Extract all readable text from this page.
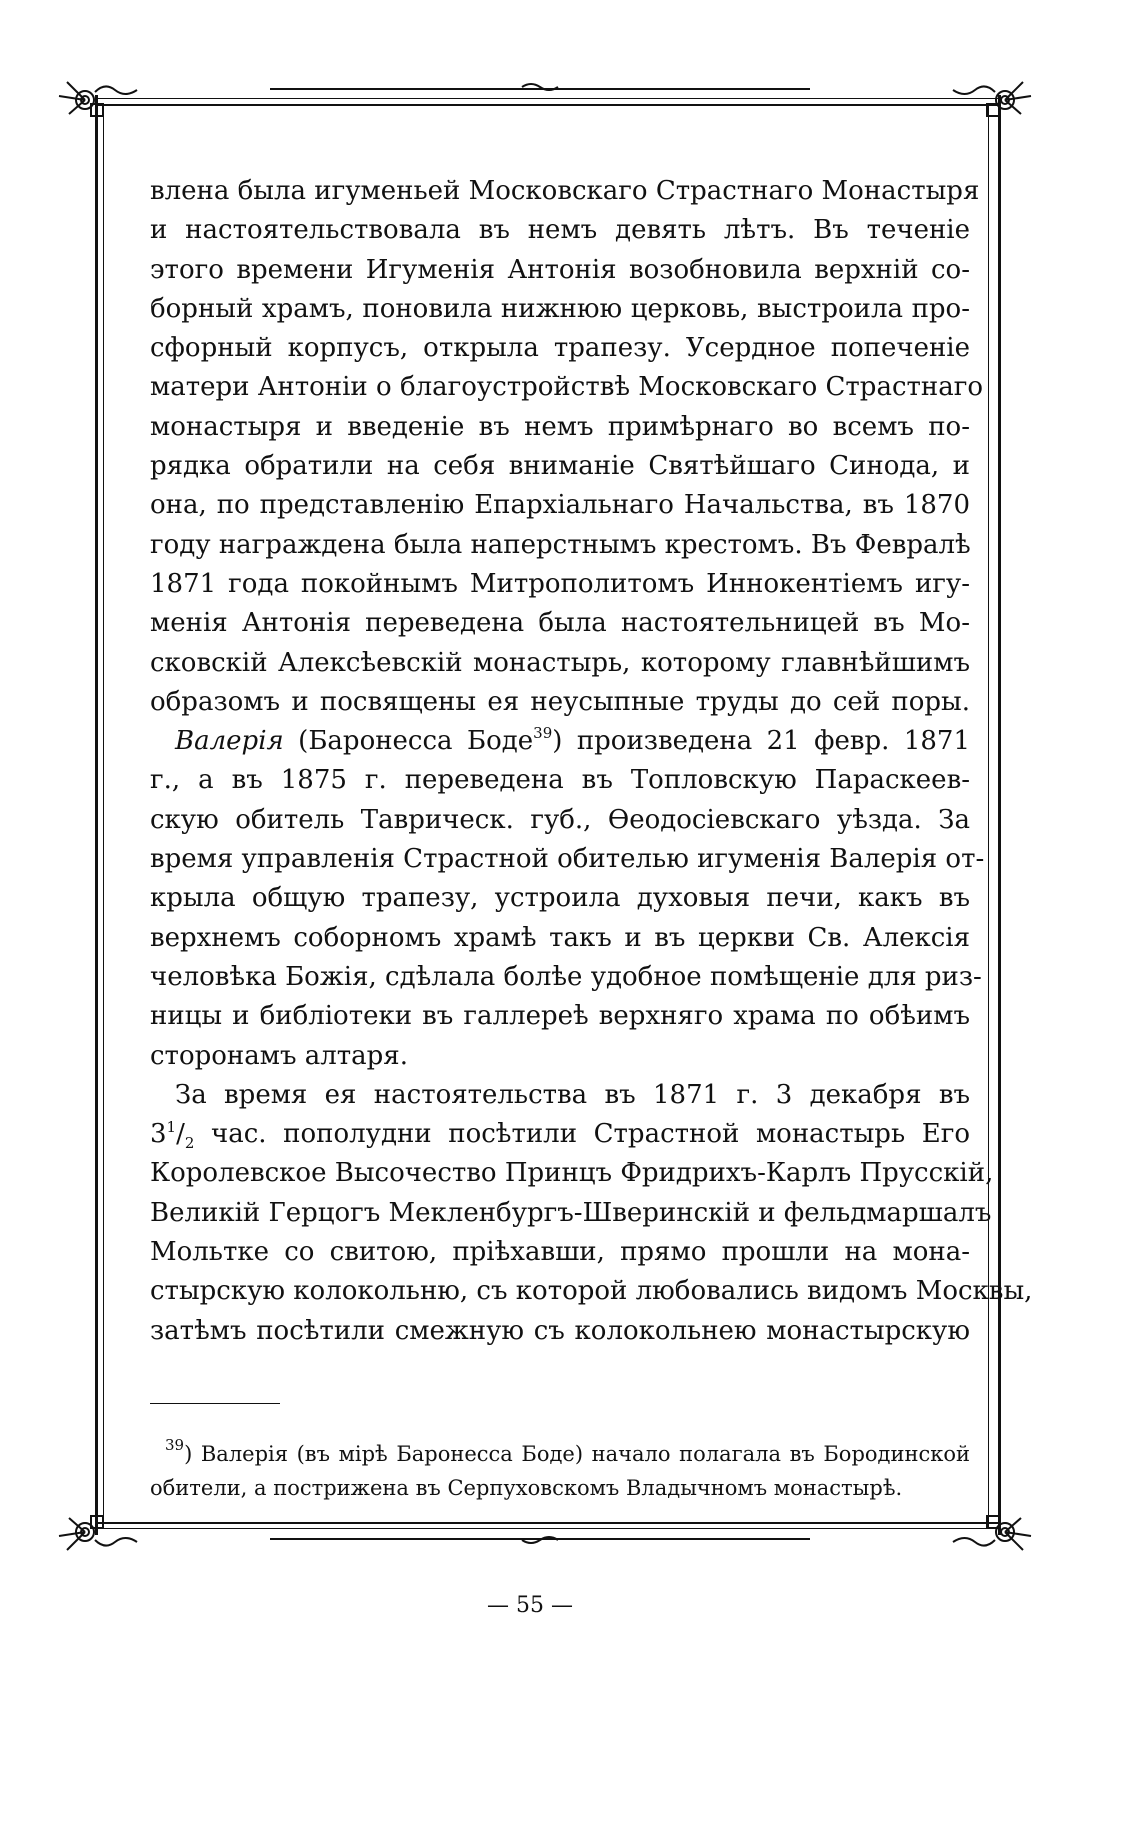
влена была игуменьей Московскаго Страстнаго Монастыря
и настоятельствовала въ немъ девять лѣтъ. Въ теченіе
этого времени Игуменія Антонія возобновила верхній со-
борный храмъ, поновила нижнюю церковь, выстроила про-
сфорный корпусъ, открыла трапезу. Усердное попеченіе
матери Антоніи о благоустройствѣ Московскаго Страстнаго
монастыря и введеніе въ немъ примѣрнаго во всемъ по-
рядка обратили на себя вниманіе Святѣйшаго Синода, и
она, по представленію Епархіальнаго Начальства, въ 1870
году награждена была наперстнымъ крестомъ. Въ Февралѣ
1871 года покойнымъ Митрополитомъ Иннокентіемъ игу-
менія Антонія переведена была настоятельницей въ Мо-
сковскій Алексѣевскій монастырь, которому главнѣйшимъ
образомъ и посвящены ея неусыпные труды до сей поры.
Валерія (Баронесса Боде$^{39}$) произведена 21 февр. 1871
г., а въ 1875 г. переведена въ Топловскую Параскеев-
скую обитель Таврическ. губ., Ѳеодосіевскаго уѣзда. За
время управленія Страстной обителью игуменія Валерія от-
крыла общую трапезу, устроила духовыя печи, какъ въ
верхнемъ соборномъ храмѣ такъ и въ церкви Св. Алексія
человѣка Божія, сдѣлала болѣе удобное помѣщеніе для риз-
ницы и библіотеки въ галлереѣ верхняго храма по обѣимъ
сторонамъ алтаря.
За время ея настоятельства въ 1871 г. 3 декабря въ
$3^1/_2$ час. пополудни посѣтили Страстной монастырь Его
Королевское Высочество Принцъ Фридрихъ-Карлъ Прусскій,
Великій Герцогъ Мекленбургъ-Шверинскій и фельдмаршалъ
Мольтке со свитою, пріѣхавши, прямо прошли на мона-
стырскую колокольню, съ которой любовались видомъ Москвы,
затѣмъ посѣтили смежную съ колокольнею монастырскую
$^{39}$) Валерія (въ мірѣ Баронесса Боде) начало полагала въ Бородинской
обители, а пострижена въ Серпуховскомъ Владычномъ монастырѣ.
— 55 —
